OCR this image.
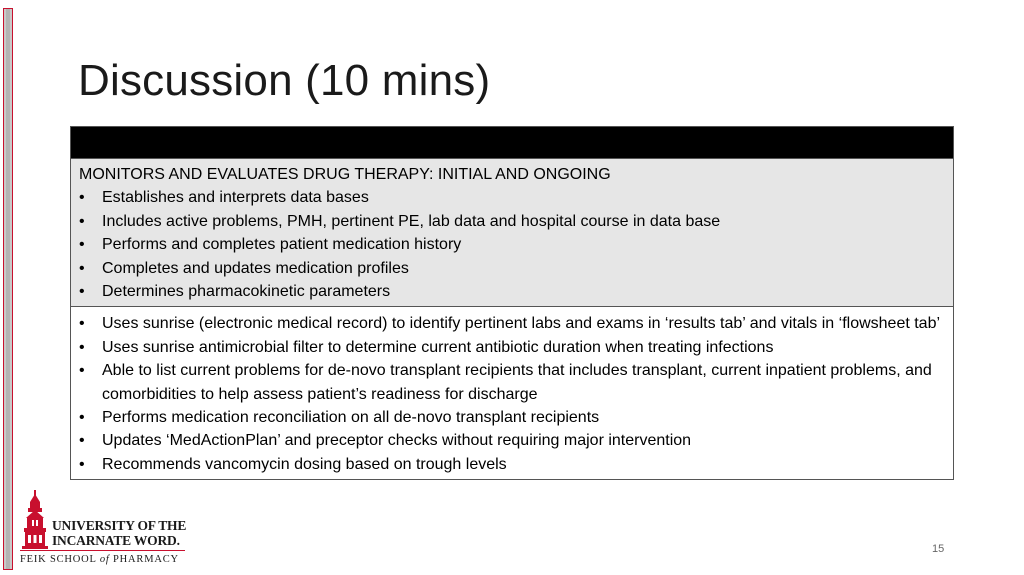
Discussion (10 mins)

MONITORS AND EVALUATES DRUG THERAPY: INITIAL AND ONGOING

• Establishes and interprets data bases
• Includes active problems, PMH, pertinent PE, lab data and hospital course in data base
• Performs and completes patient medication history
• Completes and updates medication profiles
• Determines pharmacokinetic parameters
• Uses sunrise (electronic medical record) to identify pertinent labs and exams in ‘results tab’ and vitals in ‘flowsheet tab’
• Uses sunrise antimicrobial filter to determine current antibiotic duration when treating infections
• Able to list current problems for de-novo transplant recipients that includes transplant, current inpatient problems, and comorbidities to help assess patient’s readiness for discharge
• Performs medication reconciliation on all de-novo transplant recipients
• Updates ‘MedActionPlan’ and preceptor checks without requiring major intervention
• Recommends vancomycin dosing based on trough levels
UNIVERSITY OF THE
INCARNATE WORD.
FEIK SCHOOL of PHARMACY
15
